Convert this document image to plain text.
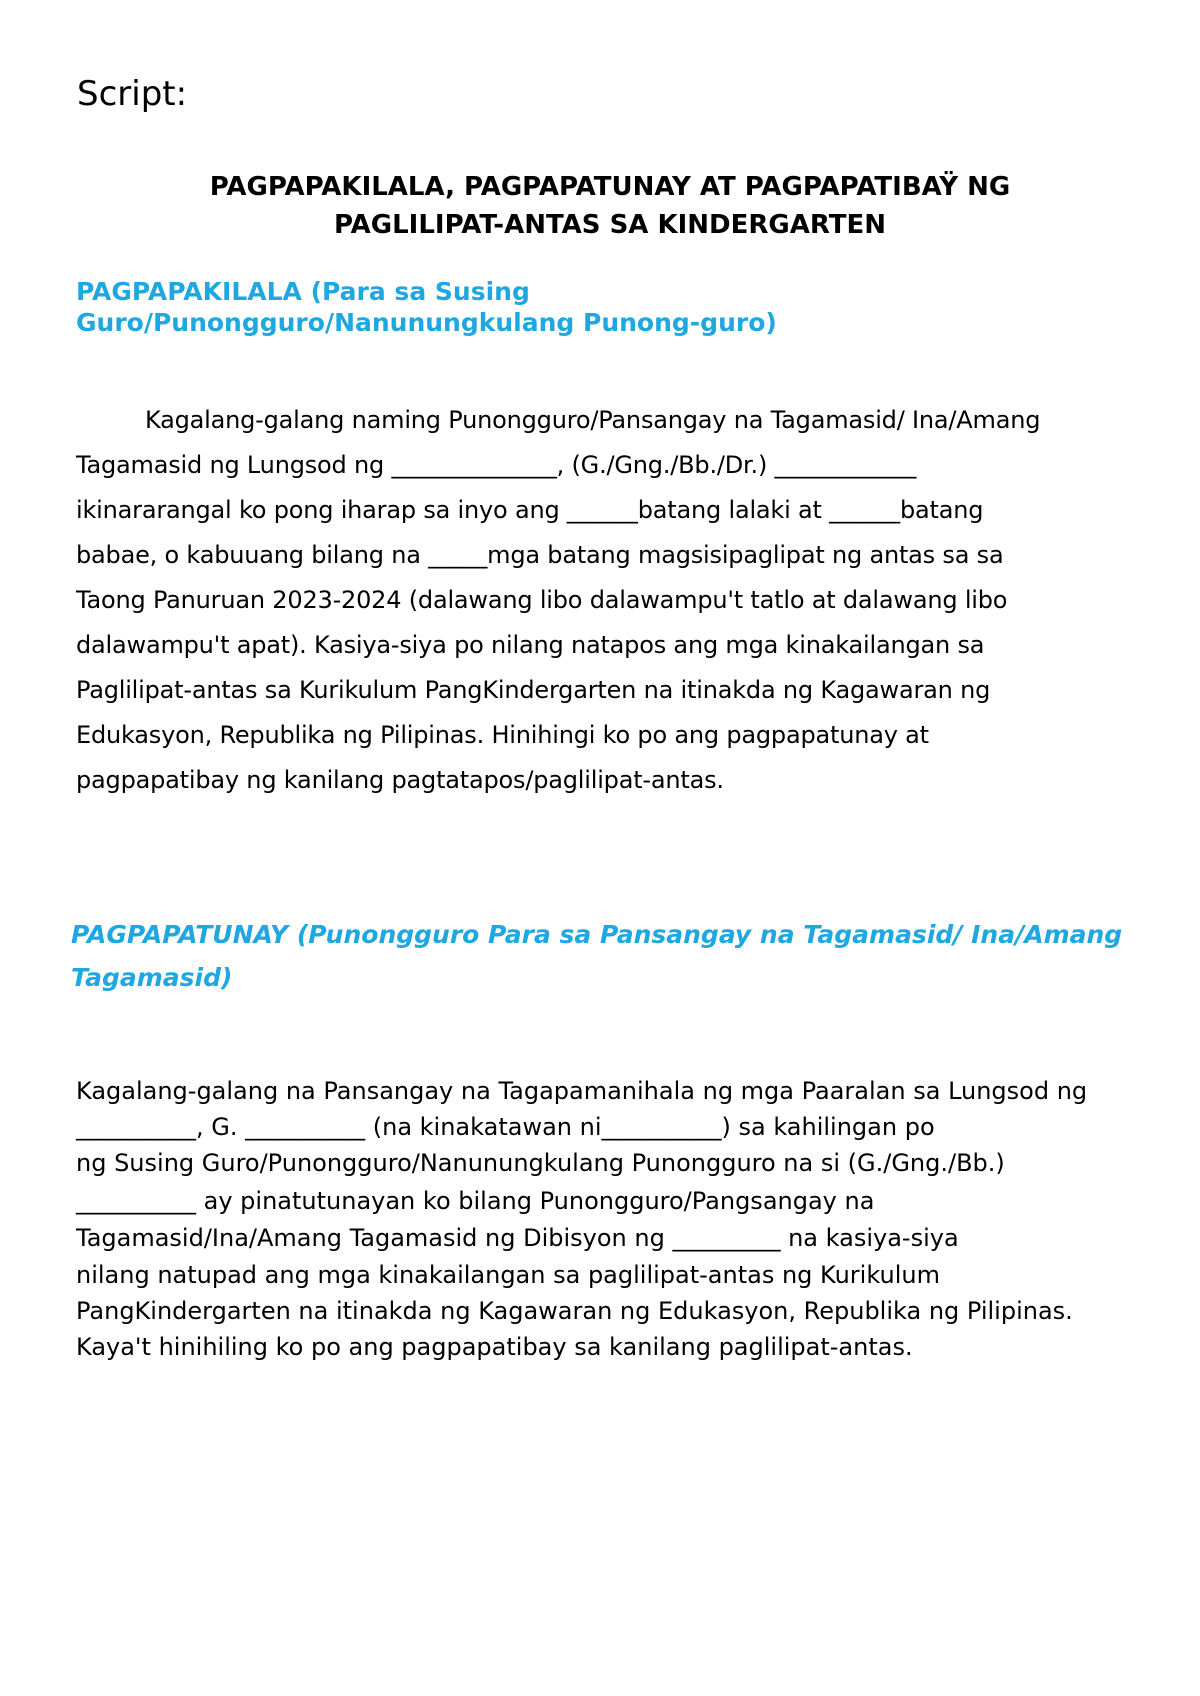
Script:
PAGPAPAKILALA, PAGPAPATUNAY AT PAGPAPATIBAŸ NG
PAGLILIPAT-ANTAS SA KINDERGARTEN
PAGPAPAKILALA (Para sa Susing
Guro/Punongguro/Nanunungkulang Punong-guro)
Kagalang-galang naming Punongguro/Pansangay na Tagamasid/ Ina/Amang
Tagamasid ng Lungsod ng ______________, (G./Gng./Bb./Dr.) ____________
ikinararangal ko pong iharap sa inyo ang ______batang lalaki at ______batang
babae, o kabuuang bilang na _____mga batang magsisipaglipat ng antas sa sa
Taong Panuruan 2023-2024 (dalawang libo dalawampu't tatlo at dalawang libo
dalawampu't apat). Kasiya-siya po nilang natapos ang mga kinakailangan sa
Paglilipat-antas sa Kurikulum PangKindergarten na itinakda ng Kagawaran ng
Edukasyon, Republika ng Pilipinas. Hinihingi ko po ang pagpapatunay at
pagpapatibay ng kanilang pagtatapos/paglilipat-antas.
PAGPAPATUNAY (Punongguro Para sa Pansangay na Tagamasid/ Ina/Amang
Tagamasid)
Kagalang-galang na Pansangay na Tagapamanihala ng mga Paaralan sa Lungsod ng
__________, G. __________ (na kinakatawan ni__________) sa kahilingan po
ng Susing Guro/Punongguro/Nanunungkulang Punongguro na si (G./Gng./Bb.)
__________ ay pinatutunayan ko bilang Punongguro/Pangsangay na
Tagamasid/Ina/Amang Tagamasid ng Dibisyon ng _________ na kasiya-siya
nilang natupad ang mga kinakailangan sa paglilipat-antas ng Kurikulum
PangKindergarten na itinakda ng Kagawaran ng Edukasyon, Republika ng Pilipinas.
Kaya't hinihiling ko po ang pagpapatibay sa kanilang paglilipat-antas.
